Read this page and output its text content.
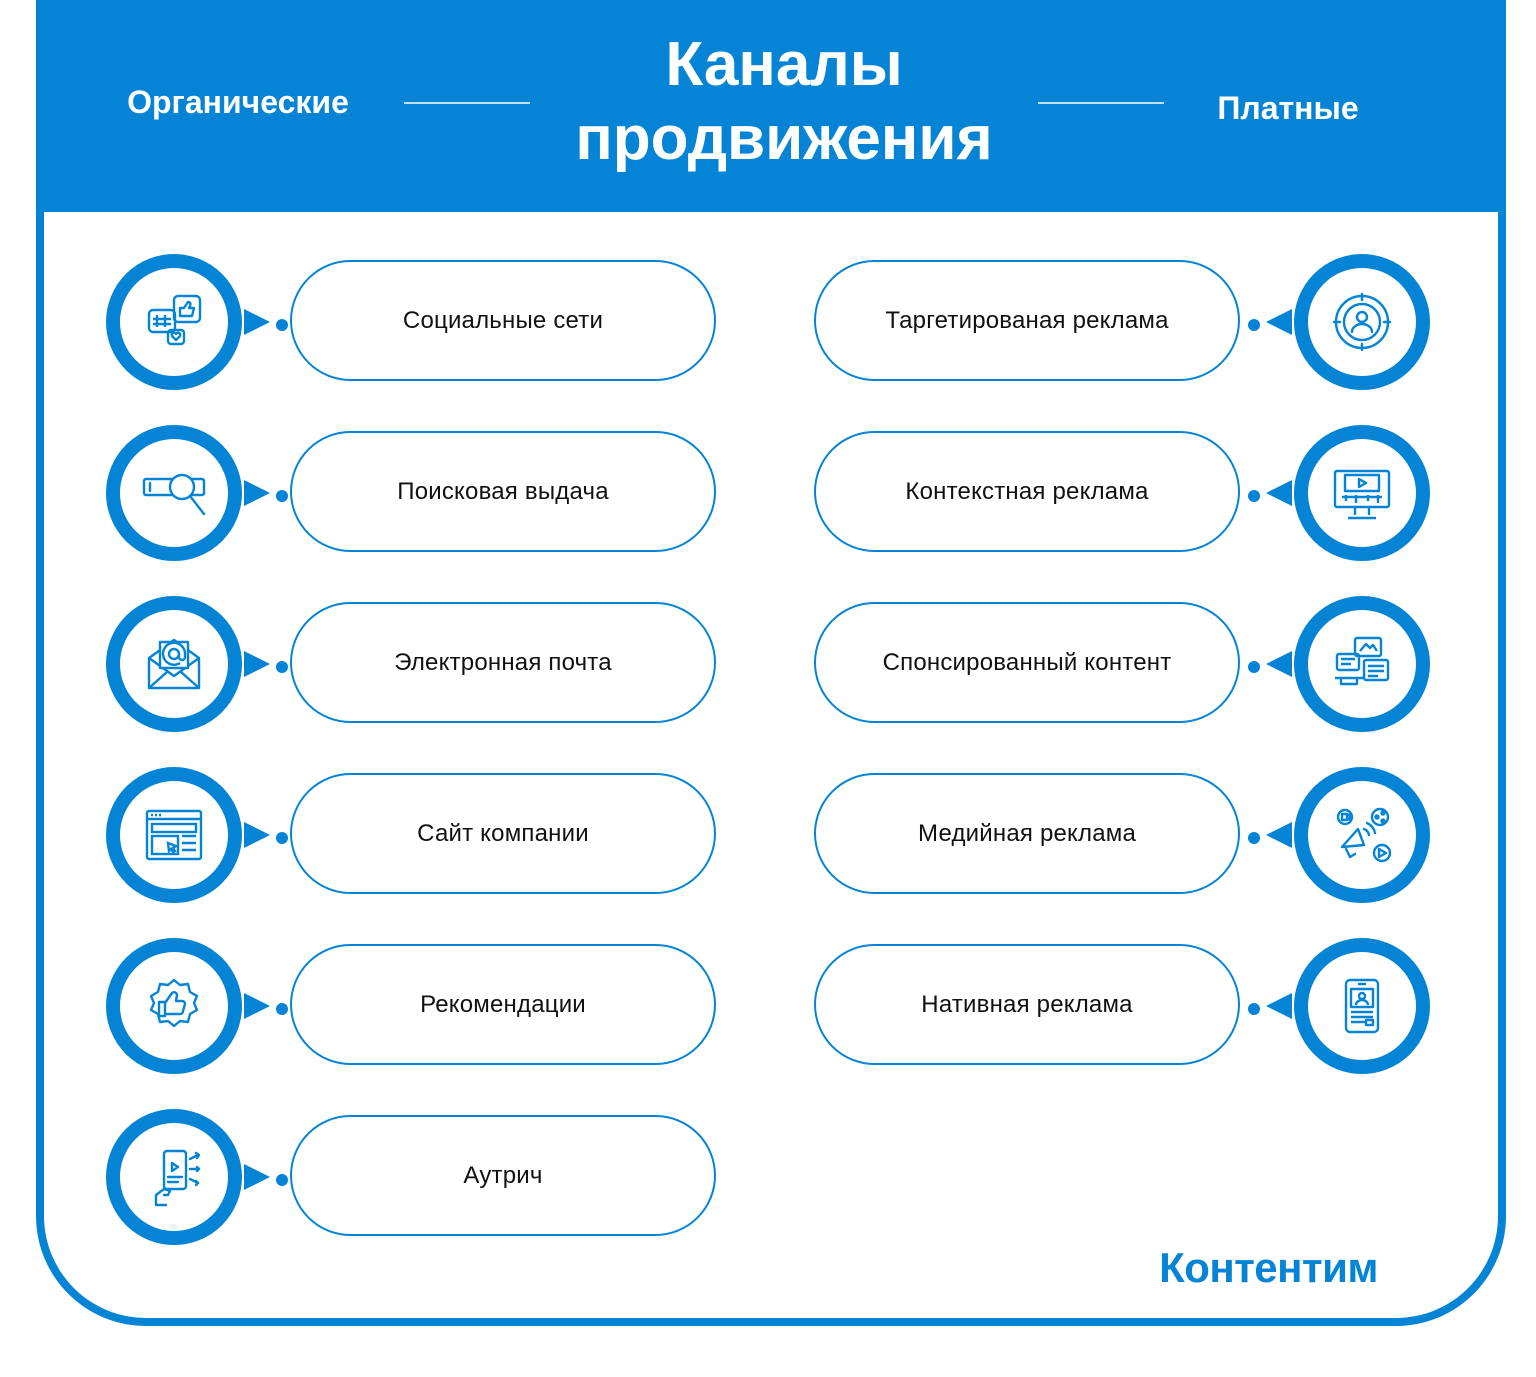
Каналы
продвижения
Органические	Платные
Социальные сети
Поисковая выдача
Электронная почта
Сайт компании
Рекомендации
Аутрич
Таргетированая реклама
Контекстная реклама
Спонсированный контент
Медийная реклама
Нативная реклама
Контентим
